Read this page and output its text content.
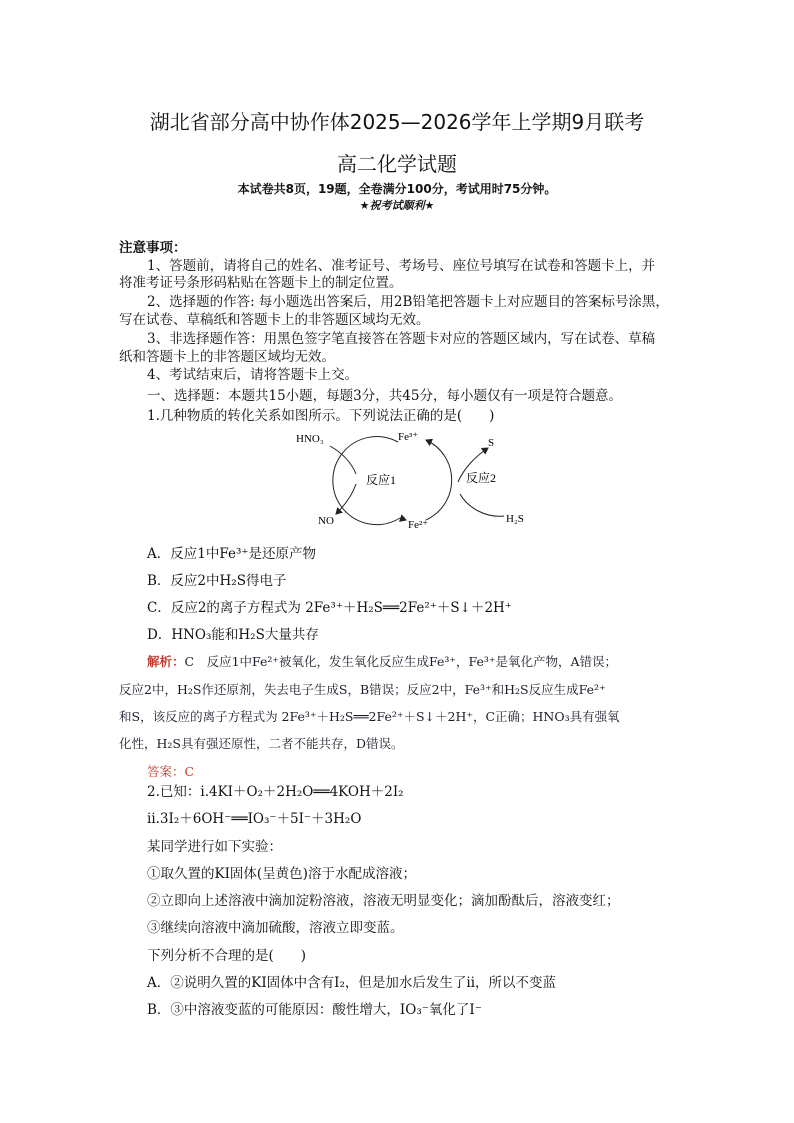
湖北省部分高中协作体2025—2026学年上学期9月联考
高二化学试题
本试卷共8页，19题，全卷满分100分，考试用时75分钟。
★祝考试顺利★
注意事项：
1、答题前，请将自己的姓名、准考证号、考场号、座位号填写在试卷和答题卡上，并
将准考证号条形码粘贴在答题卡上的制定位置。
2、选择题的作答: 每小题选出答案后，用2B铅笔把答题卡上对应题目的答案标号涂黑，
写在试卷、草稿纸和答题卡上的非答题区域均无效。
3、非选择题作答：用黑色签字笔直接答在答题卡对应的答题区域内，写在试卷、草稿
纸和答题卡上的非答题区域均无效。
4、考试结束后，请将答题卡上交。
一、选择题：本题共15小题，每题3分，共45分，每小题仅有一项是符合题意。
1.几种物质的转化关系如图所示。下列说法正确的是(　　)
HNO₃
NO
Fe³⁺
Fe²⁺
S
H₂S
反应1	反应2
A．反应1中Fe³⁺是还原产物
B．反应2中H₂S得电子
C．反应2的离子方程式为 2Fe³⁺＋H₂S══2Fe²⁺＋S↓＋2H⁺
D．HNO₃能和H₂S大量共存
解析：C　反应1中Fe²⁺被氧化，发生氧化反应生成Fe³⁺，Fe³⁺是氧化产物，A错误；
反应2中，H₂S作还原剂，失去电子生成S，B错误；反应2中，Fe³⁺和H₂S反应生成Fe²⁺
和S，该反应的离子方程式为 2Fe³⁺＋H₂S══2Fe²⁺＋S↓＋2H⁺，C正确；HNO₃具有强氧
化性，H₂S具有强还原性，二者不能共存，D错误。
答案：C
2.已知：ⅰ.4KI＋O₂＋2H₂O══4KOH＋2I₂
ⅱ.3I₂＋6OH⁻══IO₃⁻＋5I⁻＋3H₂O
某同学进行如下实验：
①取久置的KI固体(呈黄色)溶于水配成溶液；
②立即向上述溶液中滴加淀粉溶液，溶液无明显变化；滴加酚酞后，溶液变红；
③继续向溶液中滴加硫酸，溶液立即变蓝。
下列分析不合理的是(　　)
A．②说明久置的KI固体中含有I₂，但是加水后发生了ⅱ，所以不变蓝
B．③中溶液变蓝的可能原因：酸性增大，IO₃⁻氧化了I⁻
